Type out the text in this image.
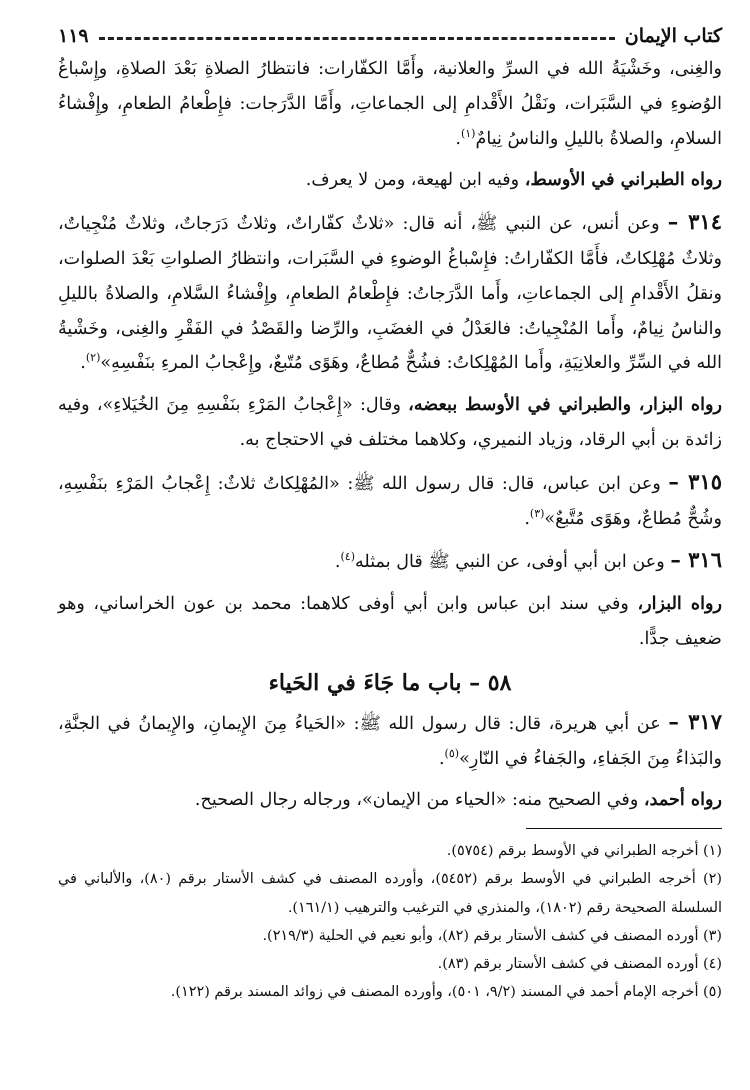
كتاب الإيمان
١١٩

والغِنى، وخَشْيَةُ الله في السرِّ والعلانية، وأَمَّا الكفّارات: فانتظارُ الصلاةِ بَعْدَ الصلاةِ، وإِسْباغُ الوُضوءِ في السَّبَرات، ونَقْلُ الأَقْدامِ إلى الجماعاتِ، وأَمَّا الدَّرَجات: فإِطْعامُ الطعامِ، وإِفْشاءُ السلامِ، والصلاةُ بالليلِ والناسُ نِيامٌ$^{(١)}$.

رواه الطبراني في الأوسط، وفيه ابن لهيعة، ومن لا يعرف.

٣١٤ – وعن أنس، عن النبي ﷺ، أنه قال: «ثلاثٌ كفّاراتٌ، وثلاثٌ دَرَجاتٌ، وثلاثٌ مُنْجِياتٌ، وثلاثٌ مُهْلِكاتٌ، فأَمَّا الكفّاراتُ: فإِسْباغُ الوضوءِ في السَّبَرات، وانتظارُ الصلواتِ بَعْدَ الصلوات، ونقلُ الأَقْدامِ إلى الجماعاتِ، وأَما الدَّرَجاتُ: فإِطْعامُ الطعامِ، وإِفْشاءُ السَّلامِ، والصلاةُ بالليلِ والناسُ نِيامٌ، وأَما المُنْجِياتُ: فالعَدْلُ في الغضَبِ، والرِّضا والقَصْدُ في الفَقْرِ والغِنى، وخَشْيةُ الله في السِّرِّ والعلانِيَةِ، وأَما المُهْلِكاتُ: فشُحٌّ مُطاعٌ، وهَوًى مُتّبعٌ، وإِعْجابُ المرءِ بنَفْسِهِ»$^{(٢)}$.

رواه البزار، والطبراني في الأوسط ببعضه، وقال: «إِعْجابُ المَرْءِ بنَفْسِهِ مِنَ الخُيَلاءِ»، وفيه زائدة بن أبي الرقاد، وزياد النميري، وكلاهما مختلف في الاحتجاج به.

٣١٥ – وعن ابن عباس، قال: قال رسول الله ﷺ: «المُهْلِكاتُ ثلاثٌ: إِعْجابُ المَرْءِ بنَفْسِهِ، وشُحٌّ مُطاعٌ، وهَوًى مُتَّبعٌ»$^{(٣)}$.

٣١٦ – وعن ابن أبي أوفى، عن النبي ﷺ قال بمثله$^{(٤)}$.

رواه البزار، وفي سند ابن عباس وابن أبي أوفى كلاهما: محمد بن عون الخراساني، وهو ضعيف جدًّا.

٥٨ – باب ما جَاءَ في الحَياء

٣١٧ – عن أبي هريرة، قال: قال رسول الله ﷺ: «الحَياءُ مِنَ الإِيمانِ، والإِيمانُ في الجنَّةِ، والبَذاءُ مِنَ الجَفاءِ، والجَفاءُ في النّارِ»$^{(٥)}$.

رواه أحمد، وفي الصحيح منه: «الحياء من الإيمان»، ورجاله رجال الصحيح.

(١) أخرجه الطبراني في الأوسط برقم (٥٧٥٤).

(٢) أخرجه الطبراني في الأوسط برقم (٥٤٥٢)، وأورده المصنف في كشف الأستار برقم (٨٠)، والألباني في السلسلة الصحيحة رقم (١٨٠٢)، والمنذري في الترغيب والترهيب (١٦١/١).

(٣) أورده المصنف في كشف الأستار برقم (٨٢)، وأبو نعيم في الحلية (٢١٩/٣).

(٤) أورده المصنف في كشف الأستار برقم (٨٣).

(٥) أخرجه الإمام أحمد في المسند (٩/٢، ٥٠١)، وأورده المصنف في زوائد المسند برقم (١٢٢).
